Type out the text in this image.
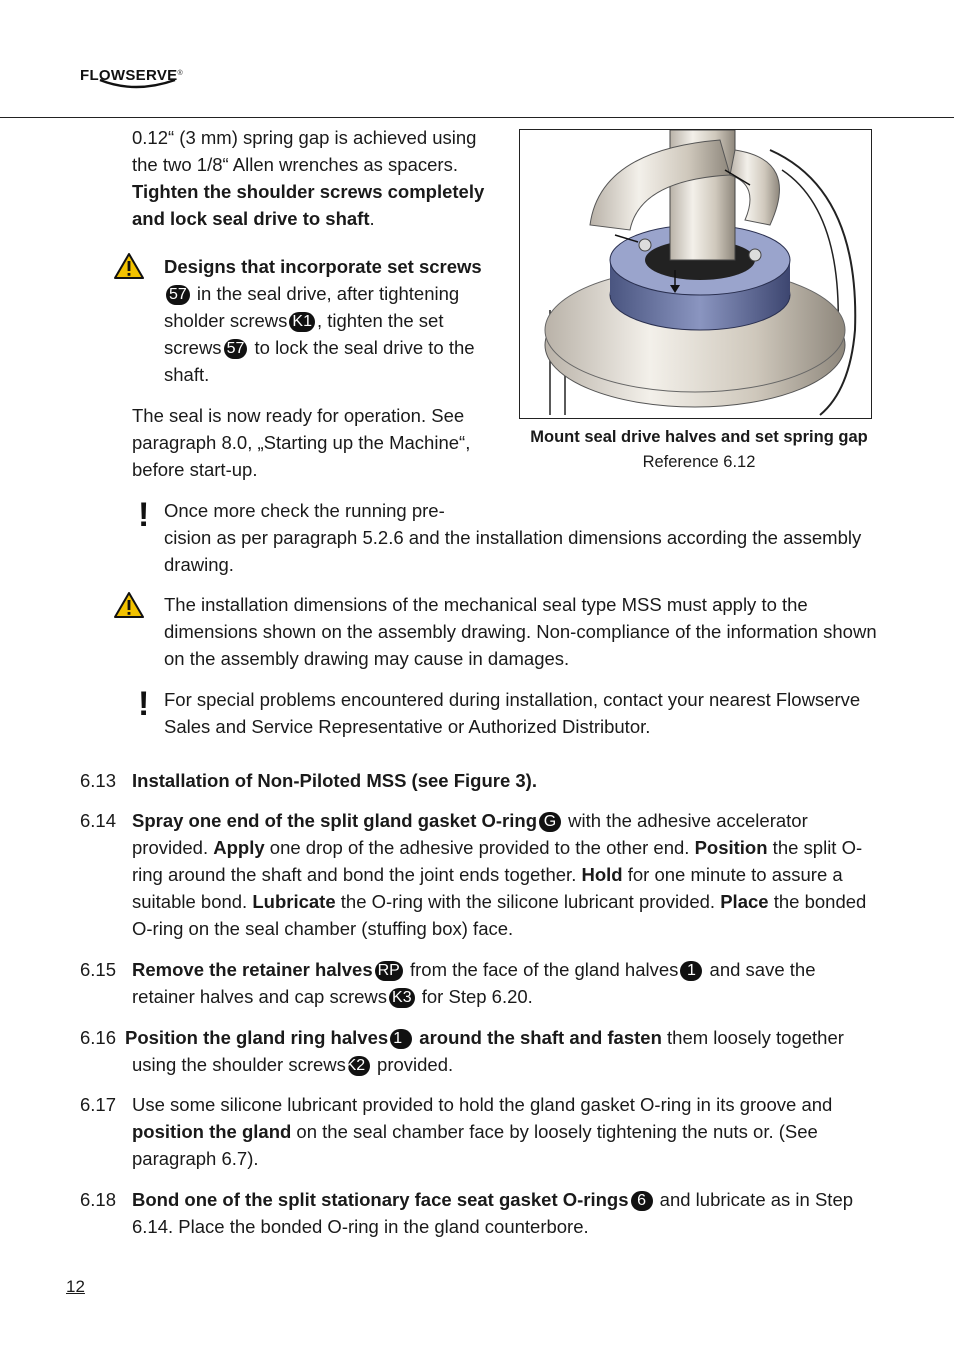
FLOWSERVE®

0.12“ (3 mm) spring gap is achieved using the two 1/8“ Allen wrenches as spacers. Tighten the shoulder screws completely and lock seal drive to shaft.

Designs that incorporate set screws 57 in the seal drive, after tightening sholder screws K1 , tighten the set screws 57 to lock the seal drive to the shaft.

The seal is now ready for operation. See paragraph 8.0, „Starting up the Machine“, before start-up.

Mount seal drive halves and set spring gap
Reference 6.12
! Once more check the running pre-

cision as per paragraph 5.2.6 and the installation dimensions according the assembly drawing.

The installation dimensions of the mechanical seal type MSS must apply to the dimensions shown on the assembly drawing. Non-compliance of the information shown on the assembly drawing may cause in damages.

! For special problems encountered during installation, contact your nearest Flowserve Sales and Service Representative or Authorized Distributor.

6.13 Installation of Non-Piloted MSS (see Figure 3).

6.14 Spray one end of the split gland gasket O-ring G with the adhesive accelerator provided. Apply one drop of the adhesive provided to the other end. Position the split O-ring around the shaft and bond the joint ends together. Hold for one minute to assure a suitable bond. Lubricate the O-ring with the silicone lubricant provided. Place the bonded O-ring on the seal chamber (stuffing box) face.

6.15 Remove the retainer halves RP from the face of the gland halves 1 and save the retainer halves and cap screws K3 for Step 6.20.

6.16 Position the gland ring halves 1 around the shaft and fasten them loosely together using the shoulder screwsK2 provided.

6.17 Use some silicone lubricant provided to hold the gland gasket O-ring in its groove and position the gland on the seal chamber face by loosely tightening the nuts or. (See paragraph 6.7).

6.18 Bond one of the split stationary face seat gasket O-rings 6 and lubricate as in Step 6.14. Place the bonded O-ring in the gland counterbore.

12
